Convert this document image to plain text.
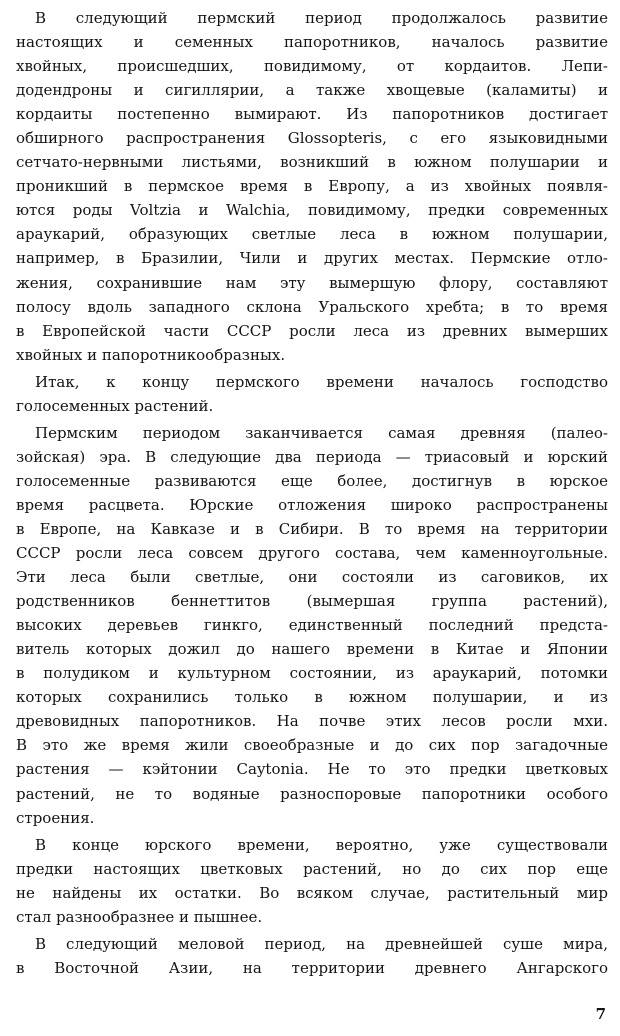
В следующий пермский период продолжалось развитие
настоящих и семенных папоротников, началось развитие
хвойных, происшедших, повидимому, от кордаитов. Лепи-
додендроны и сигиллярии, а также хвощевые (каламиты) и
кордаиты постепенно вымирают. Из папоротников достигает
обширного распространения Glossopteris, с его языковидными
сетчато-нервными листьями, возникший в южном полушарии и
проникший в пермское время в Европу, а из хвойных появля-
ются роды Voltzia и Walchia, повидимому, предки современных
араукарий, образующих светлые леса в южном полушарии,
например, в Бразилии, Чили и других местах. Пермские отло-
жения, сохранившие нам эту вымершую флору, составляют
полосу вдоль западного склона Уральского хребта; в то время
в Европейской части СССР росли леса из древних вымерших
хвойных и папоротникообразных.
Итак, к концу пермского времени началось господство
голосеменных растений.
Пермским периодом заканчивается самая древняя (палео-
зойская) эра. В следующие два периода — триасовый и юрский
голосеменные развиваются еще более, достигнув в юрское
время расцвета. Юрские отложения широко распространены
в Европе, на Кавказе и в Сибири. В то время на территории
СССР росли леса совсем другого состава, чем каменноугольные.
Эти леса были светлые, они состояли из саговиков, их
родственников беннеттитов (вымершая группа растений),
высоких деревьев гинкго, единственный последний предста-
витель которых дожил до нашего времени в Китае и Японии
в полудиком и культурном состоянии, из араукарий, потомки
которых сохранились только в южном полушарии, и из
древовидных папоротников. На почве этих лесов росли мхи.
В это же время жили своеобразные и до сих пор загадочные
растения — кэйтонии Caytonia. Не то это предки цветковых
растений, не то водяные разноспоровые папоротники особого
строения.
В конце юрского времени, вероятно, уже существовали
предки настоящих цветковых растений, но до сих пор еще
не найдены их остатки. Во всяком случае, растительный мир
стал разнообразнее и пышнее.
В следующий меловой период, на древнейшей суше мира,
в Восточной Азии, на территории древнего Ангарского
7
